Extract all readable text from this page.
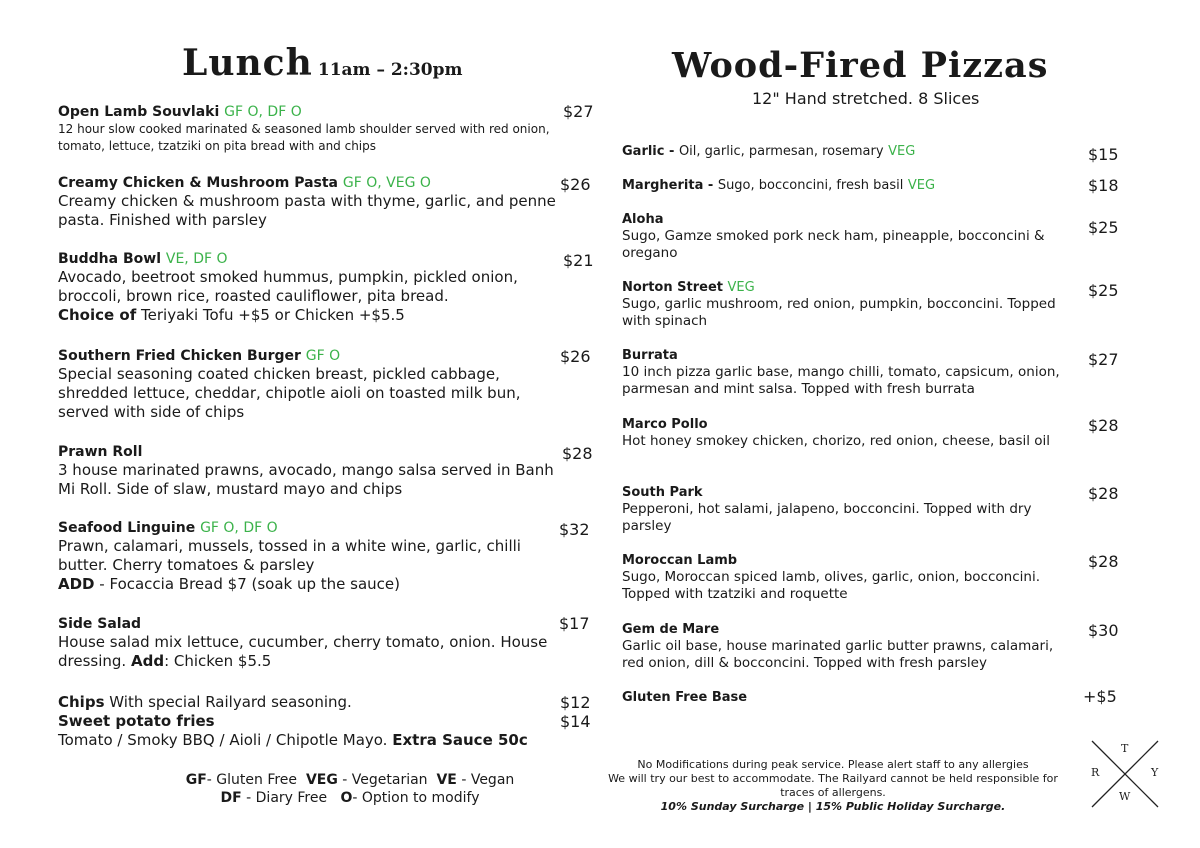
Lunch 11am – 2:30pm
Open Lamb Souvlaki GF O, DF O
12 hour slow cooked marinated & seasoned lamb shoulder served with red onion, tomato, lettuce, tzatziki on pita bread with and chips
$27
Creamy Chicken & Mushroom Pasta GF O, VEG O
Creamy chicken & mushroom pasta with thyme, garlic, and penne pasta. Finished with parsley
$26
Buddha Bowl VE, DF O
Avocado, beetroot smoked hummus, pumpkin, pickled onion, broccoli, brown rice, roasted cauliflower, pita bread.
Choice of Teriyaki Tofu +$5 or Chicken +$5.5
$21
Southern Fried Chicken Burger GF O
Special seasoning coated chicken breast, pickled cabbage, shredded lettuce, cheddar, chipotle aioli on toasted milk bun, served with side of chips
$26
Prawn Roll
3 house marinated prawns, avocado, mango salsa served in Banh Mi Roll. Side of slaw, mustard mayo and chips
$28
Seafood Linguine GF O, DF O
Prawn, calamari, mussels, tossed in a white wine, garlic, chilli butter. Cherry tomatoes & parsley
ADD - Focaccia Bread $7 (soak up the sauce)
$32
Side Salad
House salad mix lettuce, cucumber, cherry tomato, onion. House dressing. Add: Chicken $5.5
$17
Chips With special Railyard seasoning.
Sweet potato fries
Tomato / Smoky BBQ / Aioli / Chipotle Mayo. Extra Sauce 50c
$12
$14
GF- Gluten Free VEG - Vegetarian VE - Vegan
DF - Diary Free O- Option to modify
Wood-Fired Pizzas
12" Hand stretched. 8 Slices
Garlic - Oil, garlic, parmesan, rosemary VEG	$15
Margherita - Sugo, bocconcini, fresh basil VEG	$18
Aloha
Sugo, Gamze smoked pork neck ham, pineapple, bocconcini & oregano
$25
Norton Street VEG
Sugo, garlic mushroom, red onion, pumpkin, bocconcini. Topped with spinach
$25
Burrata
10 inch pizza garlic base, mango chilli, tomato, capsicum, onion, parmesan and mint salsa. Topped with fresh burrata
$27
Marco Pollo
Hot honey smokey chicken, chorizo, red onion, cheese, basil oil
$28
South Park
Pepperoni, hot salami, jalapeno, bocconcini. Topped with dry parsley
$28
Moroccan Lamb
Sugo, Moroccan spiced lamb, olives, garlic, onion, bocconcini. Topped with tzatziki and roquette
$28
Gem de Mare
Garlic oil base, house marinated garlic butter prawns, calamari, red onion, dill & bocconcini. Topped with fresh parsley
$30
Gluten Free Base	+$5
No Modifications during peak service. Please alert staff to any allergies
We will try our best to accommodate. The Railyard cannot be held responsible for
traces of allergens.
10% Sunday Surcharge | 15% Public Holiday Surcharge.
T
R	Y
W
